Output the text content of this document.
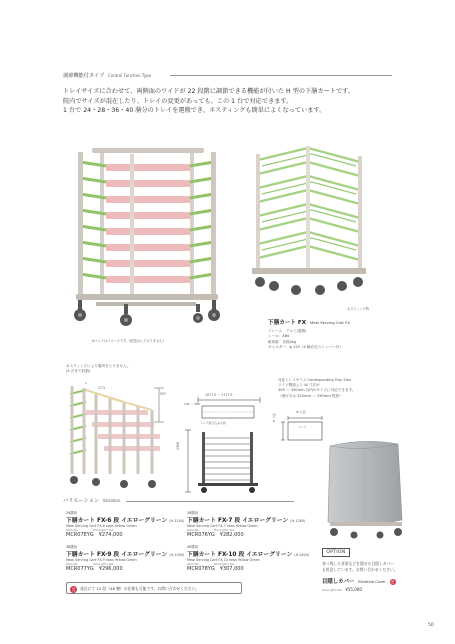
調節機能付タイプ Control Function Type

トレイサイズに合わせて、両側面のワイドが 22 段階に調節できる機能が付いた H 型の下膳カートです。

院内でサイズが混在したり、トレイの変更があっても、この 1 台で対応できます。

1 台で 24・28・36・40 膳分のトレイを運搬でき、ネスティングも簡単によくなっています。

※トレイはイメージです。(配送はしておりません)
ネスティング時
下膳カート FX Meal Serving Cart FX
フレーム：アルミ(着錆)
レール：ABS
耐荷重：各段4kg
キャスター：φ 125（4 輪自在ストッパー付）
ネスティングにより場所をとりません。
(4 台まで収納)
557
17.5
1077.5 ～ 1177.5
345 ～ 380
トレイ割り込み方向
1300
対応トレイサイズ Corresponding Tray Size
ワイド側面より W 寸法が
395 ～ 330mm 以内のサイズに対応できます。
（奥行きは 320mm ～ 330mm 程度）
W 寸法
トレイ
H 寸法
バリエーション Variation
24膳用
下膳カート FX-6 段 イエローグリーン (H-1140)
Meal Serving Cart FX-6 rows Yellow Green
Item No.	Price (JPY) tax
MCR07EYG ¥274,000
28膳用
下膳カート FX-7 段 イエローグリーン (H-1260)
Meal Serving Cart FX-7 rows Yellow Green
Item No.	Price (JPY) tax
MCR076YG ¥282,000
36膳用
下膳カート FX-9 段 イエローグリーン (H-1500)
Meal Serving Cart FX-9 rows Yellow Green
Item No.	Price (JPY) tax
MCR077YG ¥296,000
40膳用
下膳カート FX-10 段 イエローグリーン (H-1620)
Meal Serving Cart FX-10 rows Yellow Green
Item No.	Price (JPY) tax
MCR078YG ¥307,000
受	発注にて 12 段（48 膳）の仕様も可能です。お問い合わせください。
OPTION

食べ残した食事などを隠せる目隠しカバー

も用意しています。お問い合わせください。

目隠しカバー Blindfold Cover 受
Price (JPY) tax ¥55,000
50
